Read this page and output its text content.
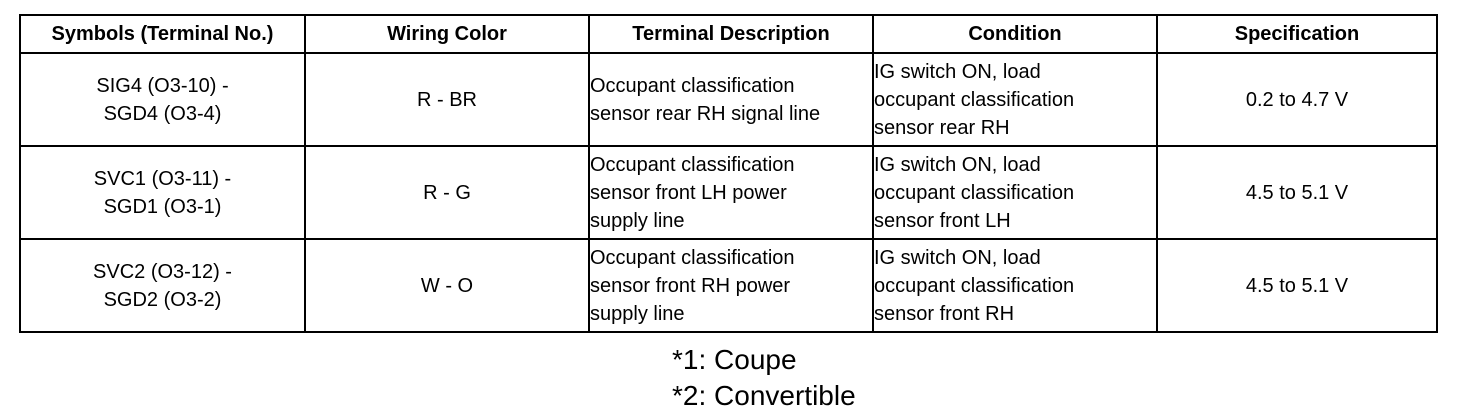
Symbols (Terminal No.)	Wiring Color	Terminal Description	Condition	Specification

SIG4 (O3-10) -
SGD4 (O3-4)	R - BR	Occupant classification
sensor rear RH signal line	IG switch ON, load
occupant classification
sensor rear RH	0.2 to 4.7 V

SVC1 (O3-11) -
SGD1 (O3-1)	R - G	Occupant classification
sensor front LH power
supply line	IG switch ON, load
occupant classification
sensor front LH	4.5 to 5.1 V

SVC2 (O3-12) -
SGD2 (O3-2)	W - O	Occupant classification
sensor front RH power
supply line	IG switch ON, load
occupant classification
sensor front RH	4.5 to 5.1 V
*1: Coupe
*2: Convertible
